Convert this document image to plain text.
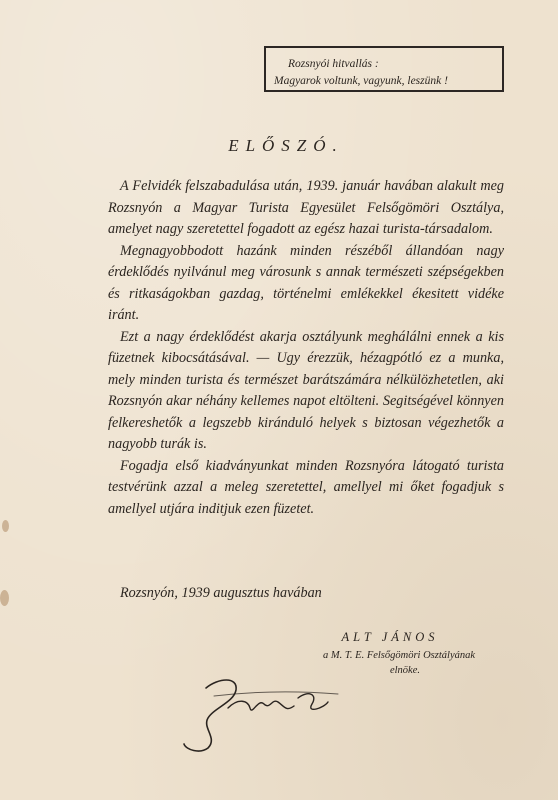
Rozsnyói hitvallás :
Magyarok voltunk, vagyunk, leszünk !
ELŐSZÓ.

A Felvidék felszabadulása után, 1939. január havában alakult meg Rozsnyón a Magyar Turista Egyesület Felsőgömöri Osztálya, amelyet nagy szeretettel fogadott az egész hazai turista-társadalom.

Megnagyobbodott hazánk minden részéből állandóan nagy érdeklődés nyilvánul meg városunk s annak természeti szépségekben és ritkaságokban gazdag, történelmi emlékekkel ékesitett vidéke iránt.

Ezt a nagy érdeklődést akarja osztályunk meghálálni ennek a kis füzetnek kibocsátásával. — Ugy érezzük, hézagpótló ez a munka, mely minden turista és természet barátszámára nélkülözhetetlen, aki Rozsnyón akar néhány kellemes napot eltölteni. Segitségével könnyen felkereshetők a legszebb kiránduló helyek s biztosan végezhetők a nagyobb turák is.

Fogadja első kiadványunkat minden Rozsnyóra látogató turista testvérünk azzal a meleg szeretettel, amellyel mi őket fogadjuk s amellyel utjára inditjuk ezen füzetet.

Rozsnyón, 1939 augusztus havában
ALT JÁNOS
a M. T. E. Felsőgömöri Osztályának
elnöke.
